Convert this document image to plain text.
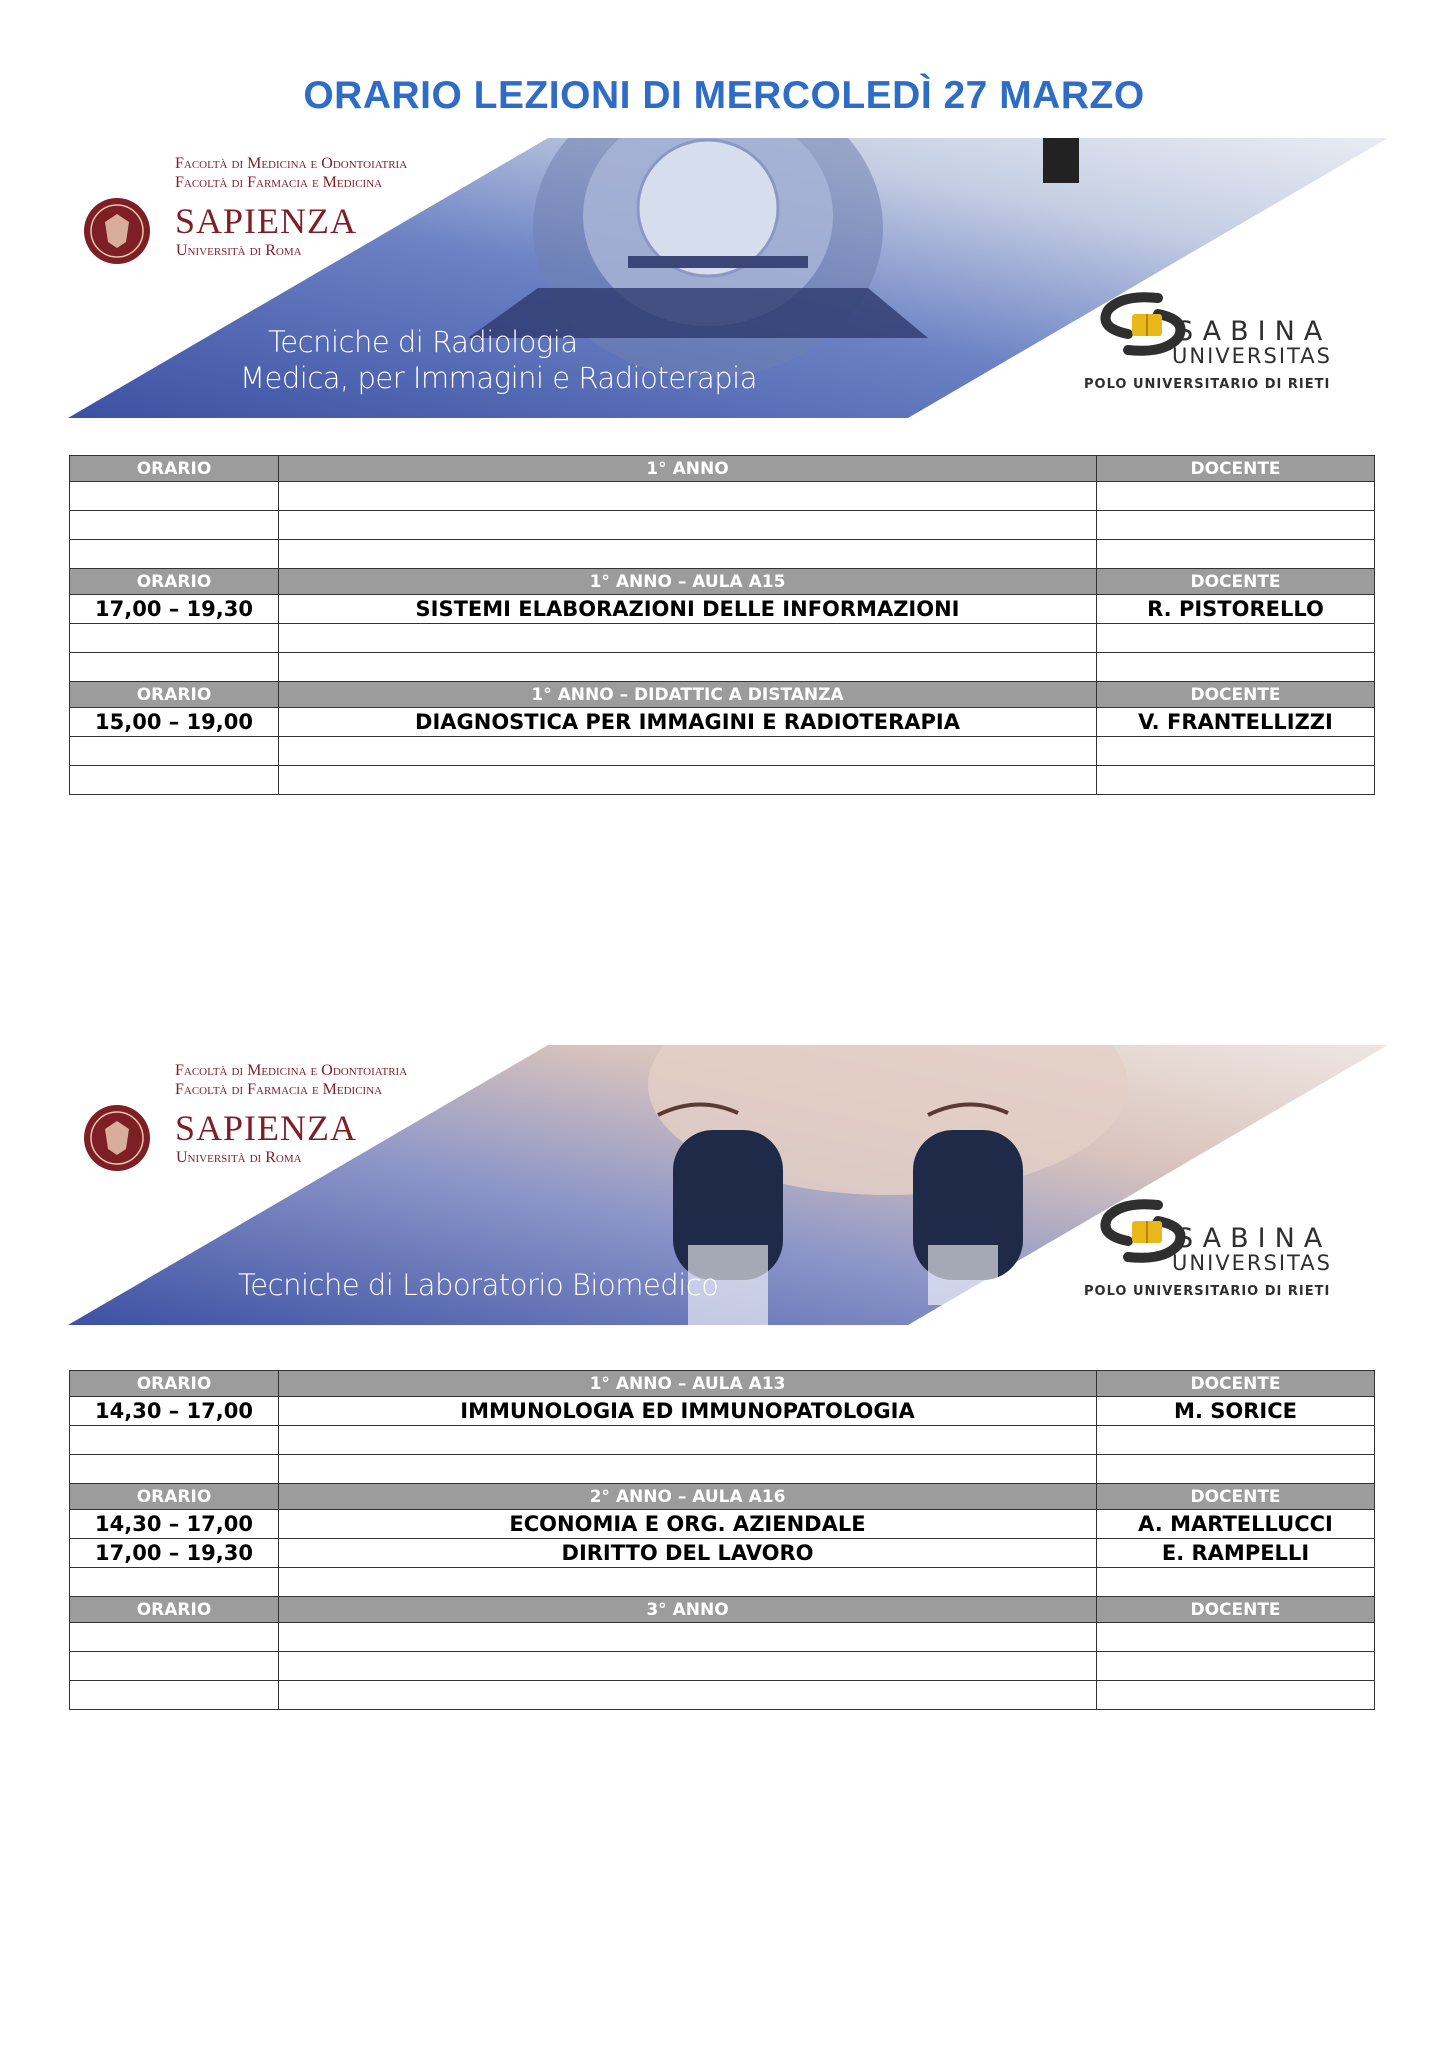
ORARIO LEZIONI DI MERCOLEDÌ 27 MARZO
Facoltà di Medicina e Odontoiatria
Facoltà di Farmacia e Medicina
SAPIENZA
Università di Roma
Tecniche di Radiologia
Medica, per Immagini e Radioterapia
SABINA
UNIVERSITAS
POLO UNIVERSITARIO DI RIETI
ORARIO	1° ANNO	DOCENTE

ORARIO	1° ANNO – AULA A15	DOCENTE
17,00 – 19,30	SISTEMI ELABORAZIONI DELLE INFORMAZIONI	R. PISTORELLO

ORARIO	1° ANNO – DIDATTIC A DISTANZA	DOCENTE
15,00 – 19,00	DIAGNOSTICA PER IMMAGINI E RADIOTERAPIA	V. FRANTELLIZZI

Facoltà di Medicina e Odontoiatria
Facoltà di Farmacia e Medicina
SAPIENZA
Università di Roma
Tecniche di Laboratorio Biomedico
SABINA
UNIVERSITAS
POLO UNIVERSITARIO DI RIETI
ORARIO	1° ANNO – AULA A13	DOCENTE
14,30 – 17,00	IMMUNOLOGIA ED IMMUNOPATOLOGIA	M. SORICE

ORARIO	2° ANNO – AULA A16	DOCENTE
14,30 – 17,00	ECONOMIA E ORG. AZIENDALE	A. MARTELLUCCI
17,00 – 19,30	DIRITTO DEL LAVORO	E. RAMPELLI

ORARIO	3° ANNO	DOCENTE
